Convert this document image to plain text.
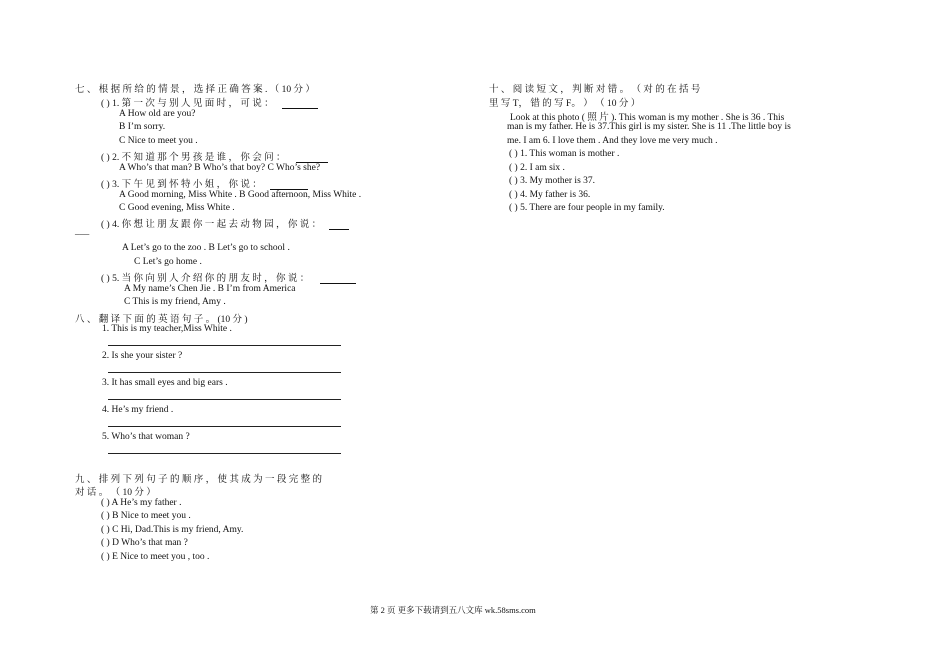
七 、 根 据 所 给 的 情 景 ， 选 择 正 确 答 案 . （ 10 分 ）
( ) 1. 第 一 次 与 别 人 见 面 时 ， 可 说 ：
A How old are you?
B I’m sorry.
C Nice to meet you .
( ) 2. 不 知 道 那 个 男 孩 是 谁 ， 你 会 问 ：
A Who’s that man? B Who’s that boy? C Who’s she?
( ) 3. 下 午 见 到 怀 特 小 姐 ， 你 说 ：
A Good morning, Miss White . B Good afternoon, Miss White .
C Good evening, Miss White .
( ) 4. 你 想 让 朋 友 跟 你 一 起 去 动 物 园 ， 你 说 ：
___
A Let’s go to the zoo . B Let’s go to school .
C Let’s go home .
( ) 5. 当 你 向 别 人 介 绍 你 的 朋 友 时 ， 你 说 ：
A My name’s Chen Jie . B I’m from America
C This is my friend, Amy .
八 、 翻 译 下 面 的 英 语 句 子 。 (10 分 )
1. This is my teacher,Miss White .
2. Is she your sister ?
3. It has small eyes and big ears .
4. He’s my friend .
5. Who’s that woman ?
九 、 排 列 下 列 句 子 的 顺 序 ， 使 其 成 为 一 段 完 整 的
对 话 。 （ 10 分 ）
( ) A He’s my father .
( ) B Nice to meet you .
( ) C Hi, Dad.This is my friend, Amy.
( ) D Who’s that man ?
( ) E Nice to meet you , too .
十 、 阅 读 短 文 ， 判 断 对 错 。 （ 对 的 在 括 号
里 写 T， 错 的 写 F。 ） （ 10 分 ）
Look at this photo ( 照 片 ). This woman is my mother . She is 36 . This
man is my father. He is 37.This girl is my sister. She is 11 .The little boy is
me. I am 6. I love them . And they love me very much .
( ) 1. This woman is mother .
( ) 2. I am six .
( ) 3. My mother is 37.
( ) 4. My father is 36.
( ) 5. There are four people in my family.
第 2 页 更多下载请到五八文库 wk.58sms.com
